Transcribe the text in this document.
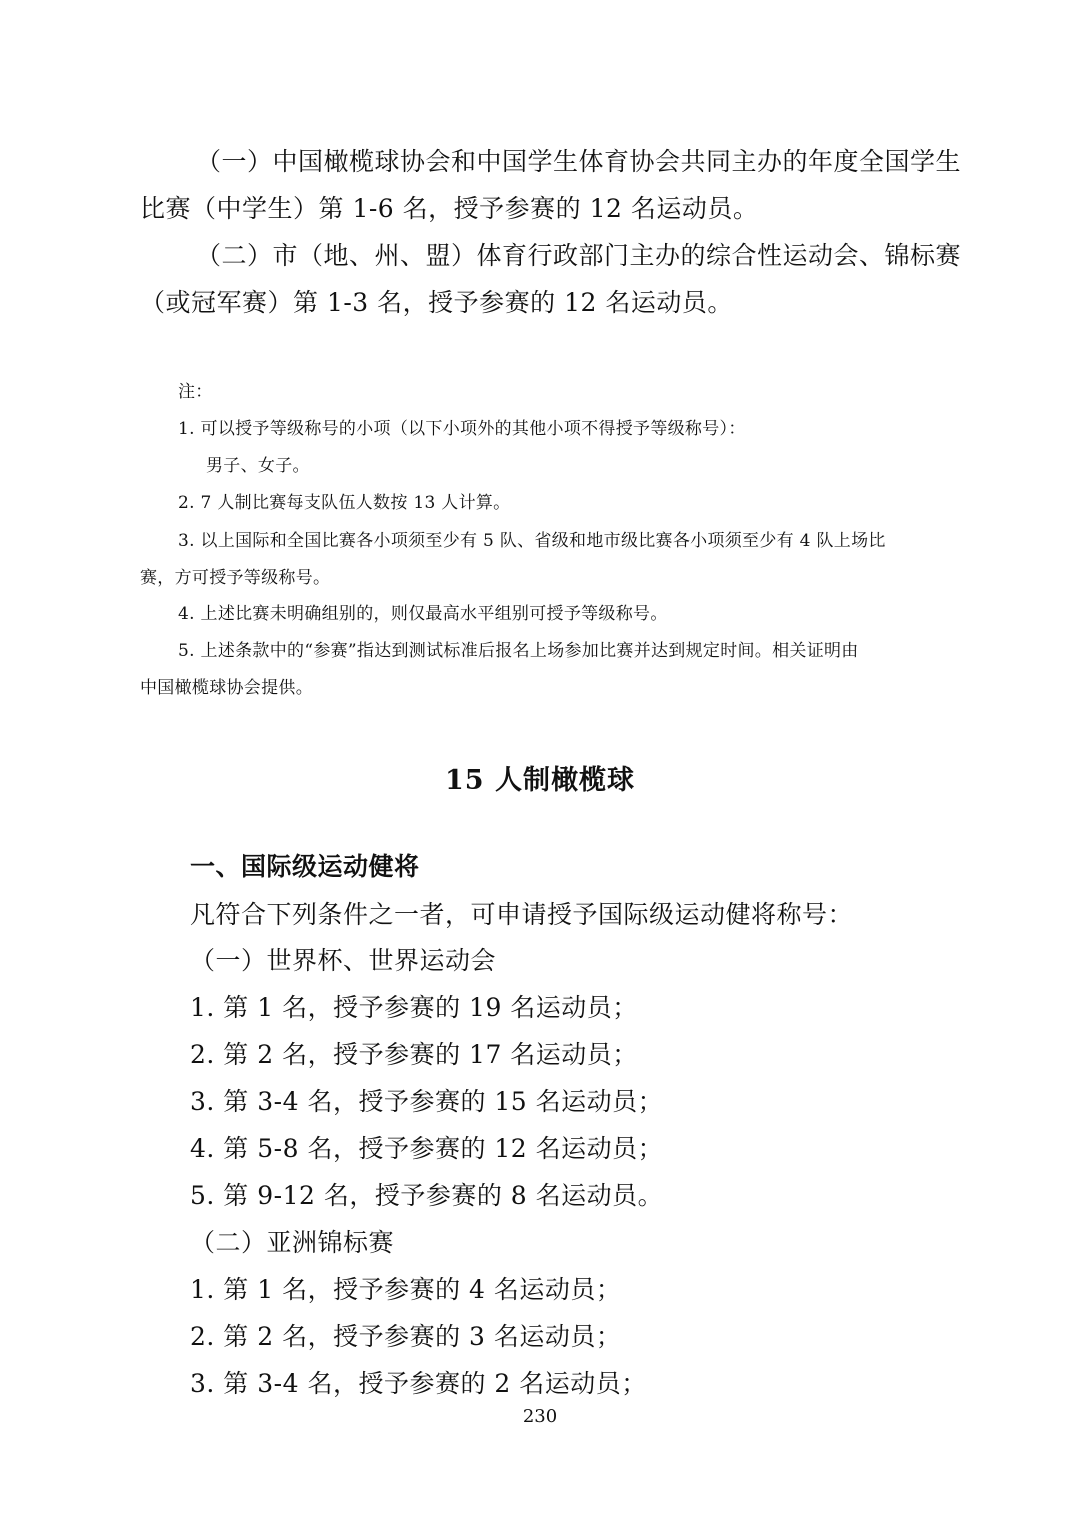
（一）中国橄榄球协会和中国学生体育协会共同主办的年度全国学生
比赛（中学生）第 1-6 名，授予参赛的 12 名运动员。
（二）市（地、州、盟）体育行政部门主办的综合性运动会、锦标赛
（或冠军赛）第 1-3 名，授予参赛的 12 名运动员。
注：
1. 可以授予等级称号的小项（以下小项外的其他小项不得授予等级称号）：
男子、女子。
2. 7 人制比赛每支队伍人数按 13 人计算。
3. 以上国际和全国比赛各小项须至少有 5 队、省级和地市级比赛各小项须至少有 4 队上场比
赛，方可授予等级称号。
4. 上述比赛未明确组别的，则仅最高水平组别可授予等级称号。
5. 上述条款中的“参赛”指达到测试标准后报名上场参加比赛并达到规定时间。相关证明由
中国橄榄球协会提供。
15 人制橄榄球
一、国际级运动健将
凡符合下列条件之一者，可申请授予国际级运动健将称号：
（一）世界杯、世界运动会
1. 第 1 名，授予参赛的 19 名运动员；
2. 第 2 名，授予参赛的 17 名运动员；
3. 第 3-4 名，授予参赛的 15 名运动员；
4. 第 5-8 名，授予参赛的 12 名运动员；
5. 第 9-12 名，授予参赛的 8 名运动员。
（二）亚洲锦标赛
1. 第 1 名，授予参赛的 4 名运动员；
2. 第 2 名，授予参赛的 3 名运动员；
3. 第 3-4 名，授予参赛的 2 名运动员；
230
